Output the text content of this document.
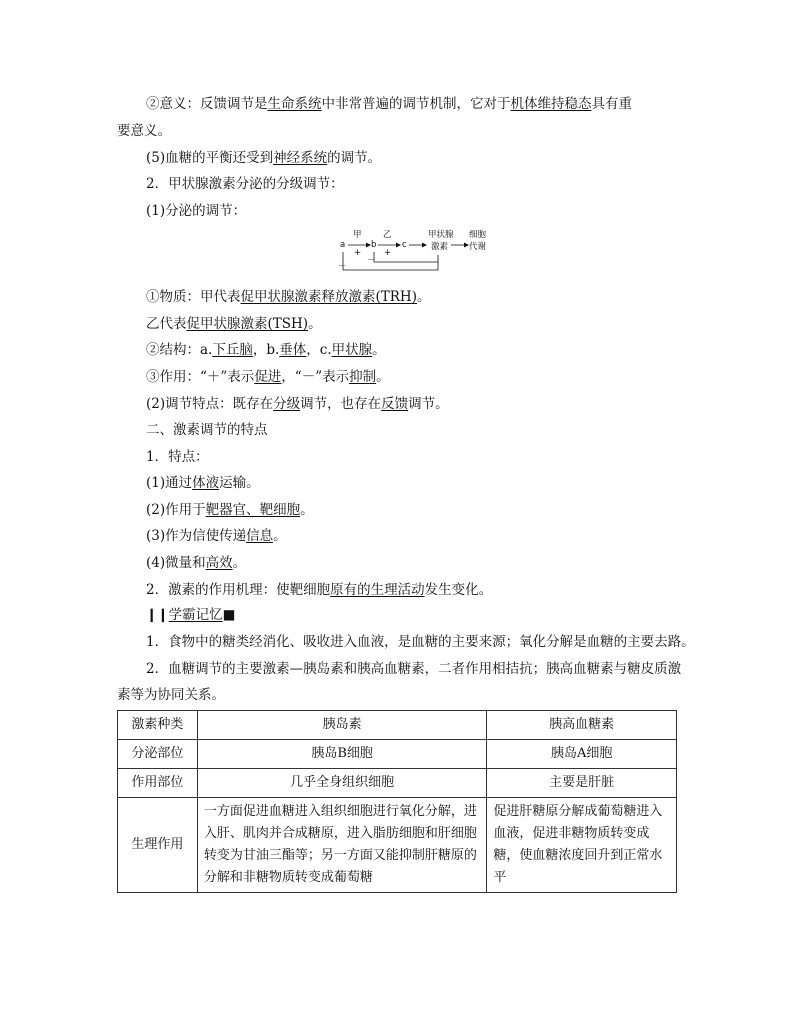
②意义：反馈调节是生命系统中非常普遍的调节机制，它对于机体维持稳态具有重
要意义。
(5)血糖的平衡还受到神经系统的调节。
2．甲状腺激素分泌的分级调节：
(1)分泌的调节：
a	b	c
甲	乙
+	+
－
－
甲状腺
激素
细胞
代谢
①物质：甲代表促甲状腺激素释放激素(TRH)。
乙代表促甲状腺激素(TSH)。
②结构：a.下丘脑，b.垂体，c.甲状腺。
③作用：“＋”表示促进，“－”表示抑制。
(2)调节特点：既存在分级调节，也存在反馈调节。
二、激素调节的特点
1．特点：
(1)通过体液运输。
(2)作用于靶器官、靶细胞。
(3)作为信使传递信息。
(4)微量和高效。
2．激素的作用机理：使靶细胞原有的生理活动发生变化。
❙❙学霸记忆■
1．食物中的糖类经消化、吸收进入血液，是血糖的主要来源；氧化分解是血糖的主要去路。
2．血糖调节的主要激素—胰岛素和胰高血糖素，二者作用相拮抗；胰高血糖素与糖皮质激
素等为协同关系。
激素种类	胰岛素	胰高血糖素
分泌部位	胰岛B细胞	胰岛A细胞
作用部位	几乎全身组织细胞	主要是肝脏
生理作用	一方面促进血糖进入组织细胞进行氧化分解，进入肝、肌肉并合成糖原，进入脂肪细胞和肝细胞转变为甘油三酯等；另一方面又能抑制肝糖原的分解和非糖物质转变成葡萄糖	促进肝糖原分解成葡萄糖进入血液，促进非糖物质转变成糖，使血糖浓度回升到正常水平
